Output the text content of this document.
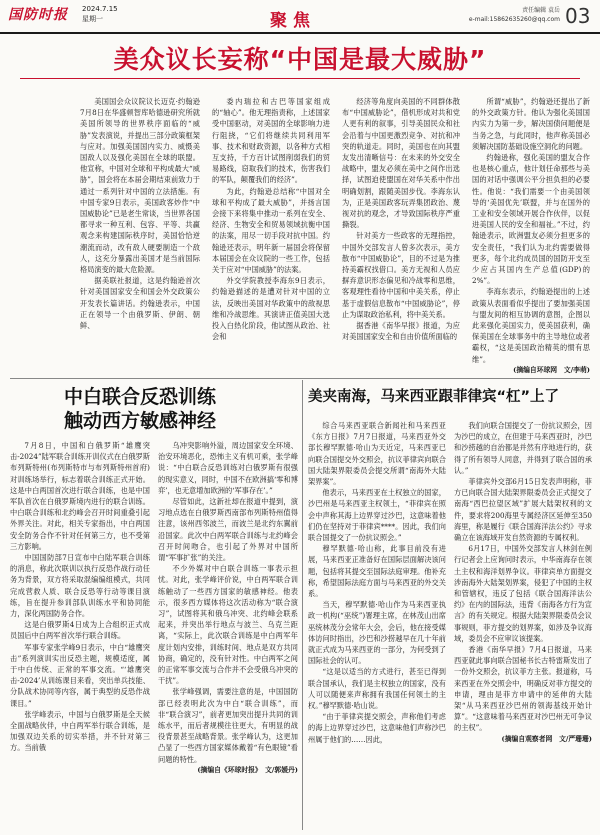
国防时报	2024.7.15
星期一	聚焦
责任编辑 袁岳
e-mail:15862635260@qq.com 03
美众议长妄称“中国是最大威胁”

美国国会众议院议长迈克·约翰逊7月8日在华盛顿智库哈德逊研究所就美国所领导的世界秩序面临的“威胁”发表演说，并提出三部分政策框架与应对。加强美国国内实力、威慑美国敌人以及强化美国在全球的联盟。他宣称，中国对全球和平构成最大“威胁”，国会将在本届会期结束前致力于通过一系列针对中国的立法措施。有中国专家9日表示，美国政客炒作“中国威胁论”已是老生常谈，当世界各国都寻求一种互利、包容、平等、共赢观念来构建国际秩序时，美国恰恰逆潮流而动，改有敌人硬要制造一个敌人，这充分暴露出美国才是当前国际格局演变的最大危险源。

据美联社报道，这是约翰逊首次针对美国国家安全和国会外交政策公开发表长篇讲话。约翰逊表示，中国正在领导一个由俄罗斯、伊朗、朝鲜、

委内瑞拉和古巴等国家组成的“轴心”。他无理指责称，上述国家受中国驱动，对美国的全球影响力进行阻挠，“它们将继续共同利用军事、技术和财政资源，以各种方式相互支持，千方百计试图削弱我们的贸易路线，窃取我们的技术，伤害我们的军队，颠覆我们的经济”。

为此，约翰逊总结称“中国对全球和平构成了最大威胁”，并扬言国会接下来将集中推动一系列在安全、经济、生物安全和贸易领域抗衡中国的法案，用尽一切手段对抗中国。约翰逊还表示，明年新一届国会将保留本届国会在众议院的一些工作，包括关于应对“中国威胁”的法案。

外交学院教授李海东9日表示，约翰逊描述的是遭对针对中国的立法，反映出美国对华政策中的敌视思维和冷战思维。其演讲正值美国大选投入白热化阶段，他试图从政治、社会和

经济等角度向美国的不同群体散布“中国威胁论”，借机形成对共和党人更有利的叙事，引导美国民众和社会沿着与中国更激烈竞争、对抗和冲突的轨道走。同时，美国也在向其盟友发出清晰信号：在未来的外交安全战略中，盟友必须在美中之间作出选择，试图迫使盟国在对华关系中作出明确划割，跟随美国步伐。李海东认为，正是美国政客玩弄集团政治、蔑视对抗的观念，才导致国际秩序严重撕裂。

针对美方一些政客的无理指控，中国外交部发言人曾多次表示，美方散布“中国威胁论”，目的不过是为推持美霸权找借口。美方无视和人员应摒弃意识形态偏见和冷战零和思维，客观理性看待中国和中美关系，停止基于虚假信息散布“中国威胁论”，停止为谋取政治私利，将中美关系。

据香港《南华早报》报道，为应对美国国家安全和自由价值所面临的

所谓“威胁”，约翰逊还提出了新的外交政策方针。他认为强化美国国内实力为第一步，解决国债问题便是当务之急，与此同时，他声称美国必须解决国防基础设施空洞化的问题。

约翰逊称，强化美国的盟友合作也是核心重点，他计划任命那些与美国的对话中强调公平分担负担的必要性。他说：“我们需要一个由美国领导的‘美国优先’联盟，并与在国外的工业和安全领域开展合作伙伴，以促进美国人民的安全和福祉。”不过，约翰逊表示，欧洲盟友必须分担更多的安全责任，“我们认为北约需要做得更多，每个北约成员国的国防开支至少应占其国内生产总值(GDP)的2%”。

李海东表示，约翰逊提出的上述政策从表面看似乎提出了要加强美国与盟友间的相互协调的意图，企图以此来强化美国实力，使美国获利，确保美国在全球事务中的主导地位或者霸权，“这是美国政治精英的惯有思维”。

(摘编自环球网　文/李萌)
中白联合反恐训练
触动西方敏感神经

7月8日，中国和白俄罗斯“雄鹰突击-2024”陆军联合训练开训仪式在白俄罗斯布列斯特州(布列斯特市与布列斯特州首府)对训练场举行，标志着联合训练正式开始。这是中白两国首次进行联合训练，也是中国军队首次在白俄罗斯境内进行的联合训练。中白联合训练和北约峰会召开时间重叠引起外界关注。对此，相关专家指出，中白两国安全防务合作不针对任何第三方，也不受第三方影响。

中国国防部7日宣布中白陆军联合训练的消息，称此次联训以执行反恐作战行动任务为背景，双方将采取混编编组模式，共同完成营救人质、联合反恐等行动等课目演练，旨在提升参训部队训练水平和协同能力，深化两国防务合作。

这是白俄罗斯4日成为上合组织正式成员国后中白两军首次举行联合训练。

军事专家张学峰9日表示，中白“雄鹰突击”系列演训实出反恐主题，规模适度，属于中白传统、正常的军事交流。“‘雄鹰突击-2024’从训练课目来看，突出单兵技能、分队战术协同等内容，属于典型的反恐作战课目。”

张学峰表示，中国与白俄罗斯是全天候全面战略伙伴，中白两军举行联合训练，是加强双边关系的切实举措，并不针对第三方。当前俄

乌冲突影响外溢，周边国家安全环境、治安环境恶化，恐怖主义有机可乘，张学峰说：“中白联合反恐训练对白俄罗斯有很强的现实意义，同时，中国不在欧洲搞‘零和博弈’，也无意增加欧洲的‘军事存在’。”

尽管如此，这新社却在报道中提到，演习地点选在白俄罗斯西南部布列斯特州值得注意，该州西邻波兰，而波兰是北约东翼前沿国家。此次中白两军联合训练与北约峰会召开时间吻合，也引起了外界对中国所谓“军事扩张”的关注。

不少外媒对中白联合训练一事表示担忧。对此，张学峰评价说，中白两军联合训练触动了一些西方国家的敏感神经。他表示，很多西方媒体将这次活动称为“联合演习”，试图将其和俄乌冲突、北约峰会联系起来，并突出举行地点与波兰、乌克兰距离，“实际上，此次联合训练是中白两军年度计划内安排，训练时间、地点是双方共同协商，确定的，没有针对性。中白两军之间的正常军事交流与合作并不会受俄乌冲突的干扰”。

张学峰强调，需要注意的是，中国国防部已经表明此次为中白“联合训练”，而非“联合演习”，前者更加突出提升共同的训练水平，而后者规模往往更大，有明显的战役背景甚至战略背景。张学峰认为，这更加凸显了一些西方国家媒体戴着“有色眼镜”看问题的特性。

(摘编自《环球时报》　文/郭媛丹)
美夹南海，马来西亚跟菲律宾“杠”上了

综合马来西亚联合新闻社和马来西亚《东方日报》7月7日报道，马来西亚外交部长穆罕默德·哈山为天近定，马来西亚已向联合国提交外交照会，抗议菲律宾向联合国大陆架界限委员会提交所谓“南海外大陆架界案”。

他表示，马来西亚在土权独立的国家，沙巴州是马来西亚主权领土，“菲律宾在照会中声称其海上边界穿过沙巴，这意味着他们仍在坚持对于菲律宾****。因此，我们向联合国提交了一份抗议照会。”

穆罕默德·哈山称，此事目前没有进展，马来西亚正准备好在国际层面解决该问题，包括将其提交至国际法庭审理。他补充称，希望国际法庭方面与马来西亚的外交关系。

当天，穆罕默德·哈山作为马来西亚执政一机构(“巫统”)署理主席，在林茂山出席巫统林茂分会常年大会，会后，他在接受媒体访问时指出，沙巴和沙捞越早在几十年前就正式成为马来西亚的一部分，为何受到了国际社会的认可。

“这是以适当的方式进行，甚至已得到联合国承认，我们是主权独立的国家，没有人可以随便来声称拥有我国任何领土的主权。”穆罕默德·哈山说。

“由于菲律宾提交照会，声称他们考虑的海上边界穿过沙巴，这意味他们声称沙巴州属于他们的……因此，

我们向联合国提交了一份抗议照会，因为沙巴的成立，在但建于马来西亚时，沙巴和沙捞越的自治都是并然有序地进行的，获得了所有领导人同意，并得到了联合国的承认。”

菲律宾外交部6月15日发表声明称，菲方已向联合国大陆架界限委员会正式提交了南海“西巴拉望区域”扩展大陆架权利的文件，要求将200海里专属经济区延伸至350海里，称是履行《联合国海洋法公约》寻求确立在该海域开发自然资源的专属权利。

6月17日，中国外交部发言人林剑在例行记者会上应询问时表示，中华南海存在领土主权和海洋划界争议。菲律宾单方面提交涉南海外大陆架划界案，侵犯了中国的主权和管辖权，违反了包括《联合国海洋法公约》在内的国际法，违背《南海各方行为宣言》的有关规定。根据大陆架界限委员会议事规则，菲方提交的划界案，如涉及争议海域，委员会不应审议该提案。

香港《南华早报》7月4日报道，马来西亚就此事向联合国秘书长古特雷斯发出了一份外交照会，抗议菲方主张。报道称，马来西亚在外交照会中，明确反对菲方提交的申请，理由是菲方申请中的延伸的大陆架“从马来西亚沙巴州的领海基线开始计算”。“这意味着马来西亚对沙巴州无可争议的主权”。

(摘编自观察者网　文/严珊珊)
